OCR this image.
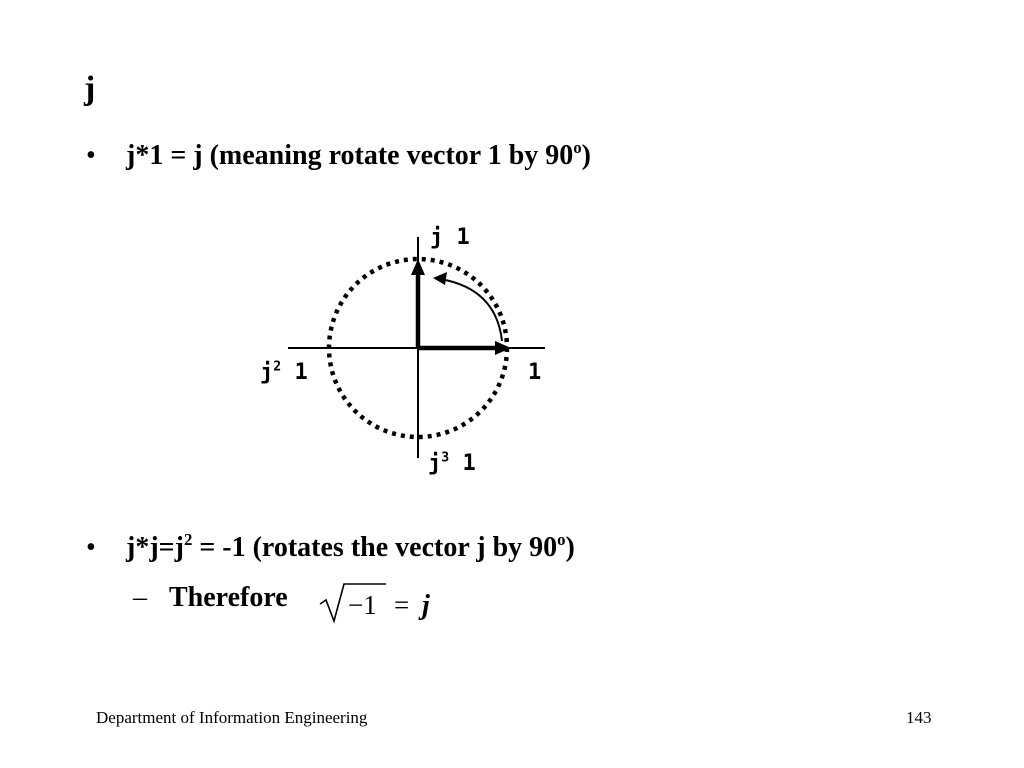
j
• j*1 = j (meaning rotate vector 1 by 90$^o$)
j 1
$j^2$ 1	1
$j^3$ 1
• $j*j=j^2 = -1$ (rotates the vector j by 90$^o$)
– Therefore −1 = j
Department of Information Engineering	143
